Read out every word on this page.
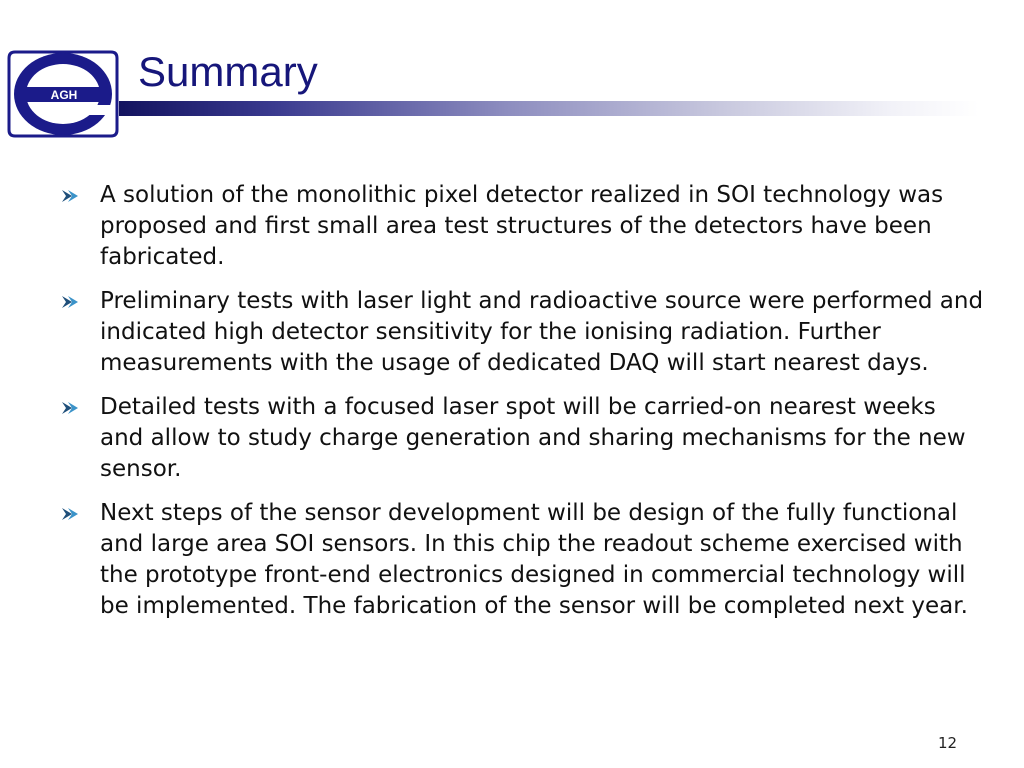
AGH Summary
A solution of the monolithic pixel detector realized in SOI technology was proposed and first small area test structures of the detectors have been fabricated.
Preliminary tests with laser light and radioactive source were performed and indicated high detector sensitivity for the ionising radiation. Further measurements with the usage of dedicated DAQ will start nearest days.
Detailed tests with a focused laser spot will be carried-on nearest weeks and allow to study charge generation and sharing mechanisms for the new sensor.
Next steps of the sensor development will be design of the fully functional and large area SOI sensors. In this chip the readout scheme exercised with the prototype front-end electronics designed in commercial technology will be implemented. The fabrication of the sensor will be completed next year.
12
